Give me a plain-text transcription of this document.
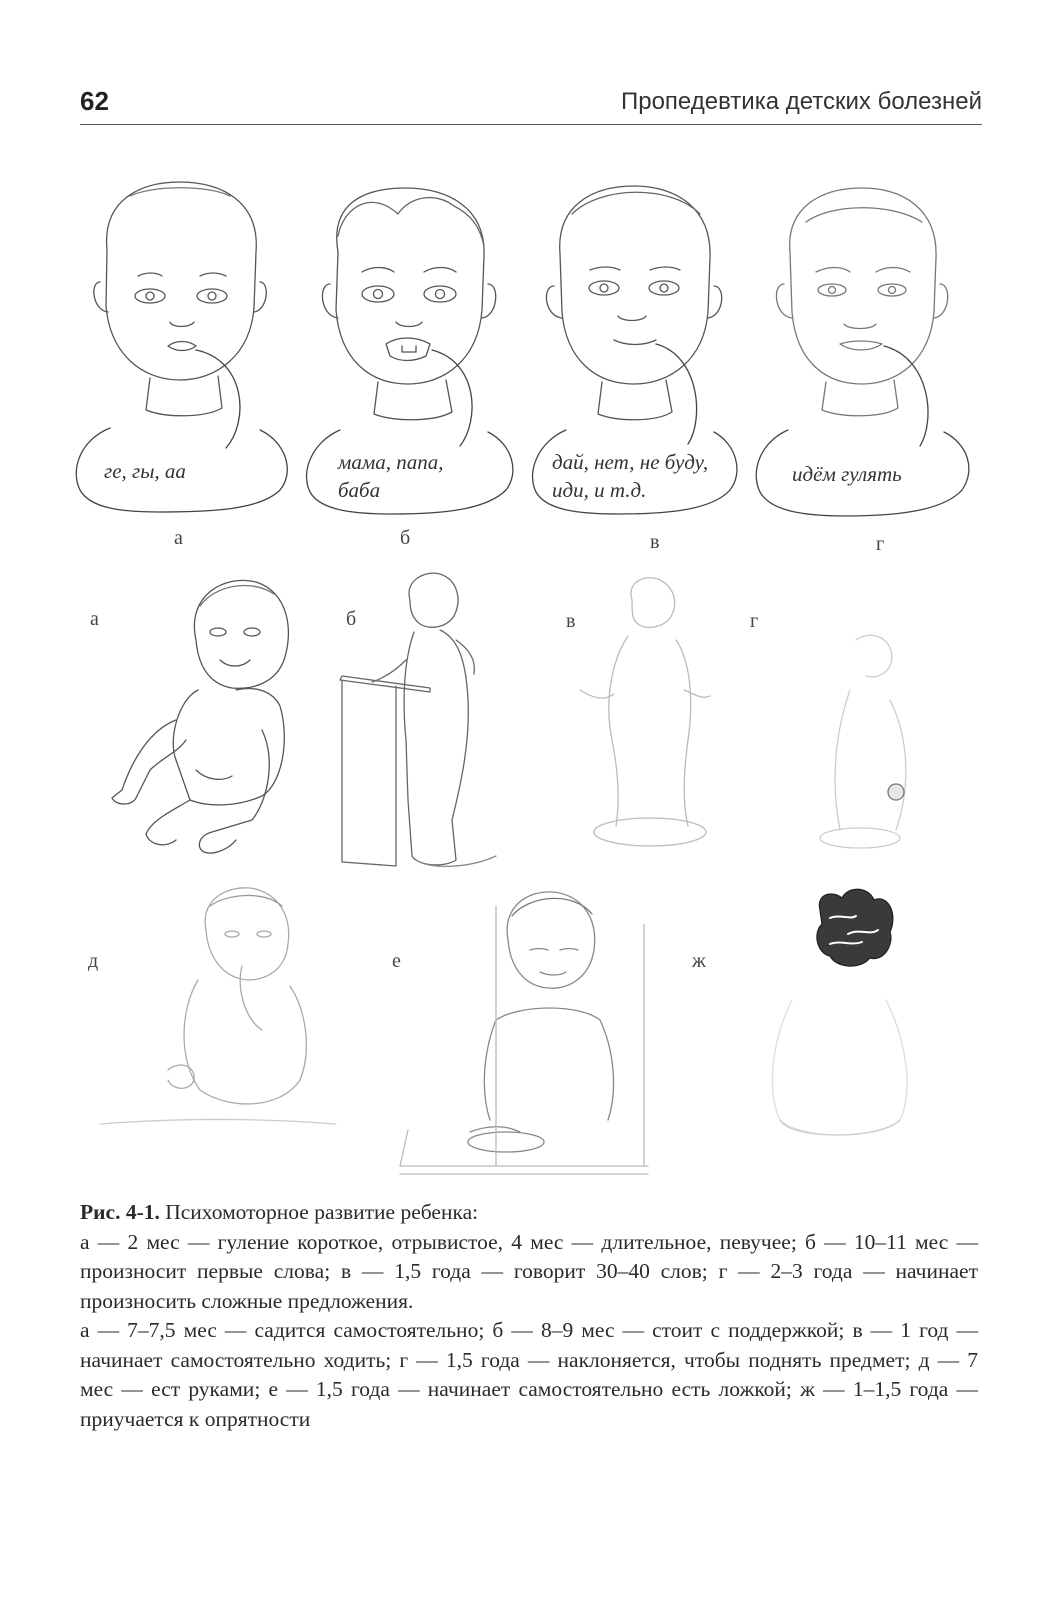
62	Пропедевтика детских болезней
ге, гы, аа	мама, папа,
баба
дай, нет, не буду,
иди, и т.д.
идём гулять
а	б	в	г
а	б	в	г
д	е	ж

Рис. 4-1. Психомоторное развитие ребенка:

а — 2 мес — гуление короткое, отрывистое, 4 мес — длительное, певучее; б — 10–11 мес — произносит первые слова; в — 1,5 года — говорит 30–40 слов; г — 2–3 года — начинает произносить сложные предложения.

а — 7–7,5 мес — садится самостоятельно; б — 8–9 мес — стоит с поддержкой; в — 1 год — начинает самостоятельно ходить; г — 1,5 года — наклоняется, чтобы поднять предмет; д — 7 мес — ест руками; е — 1,5 года — начинает самостоятельно есть ложкой; ж — 1–1,5 года — приучается к опрятности
